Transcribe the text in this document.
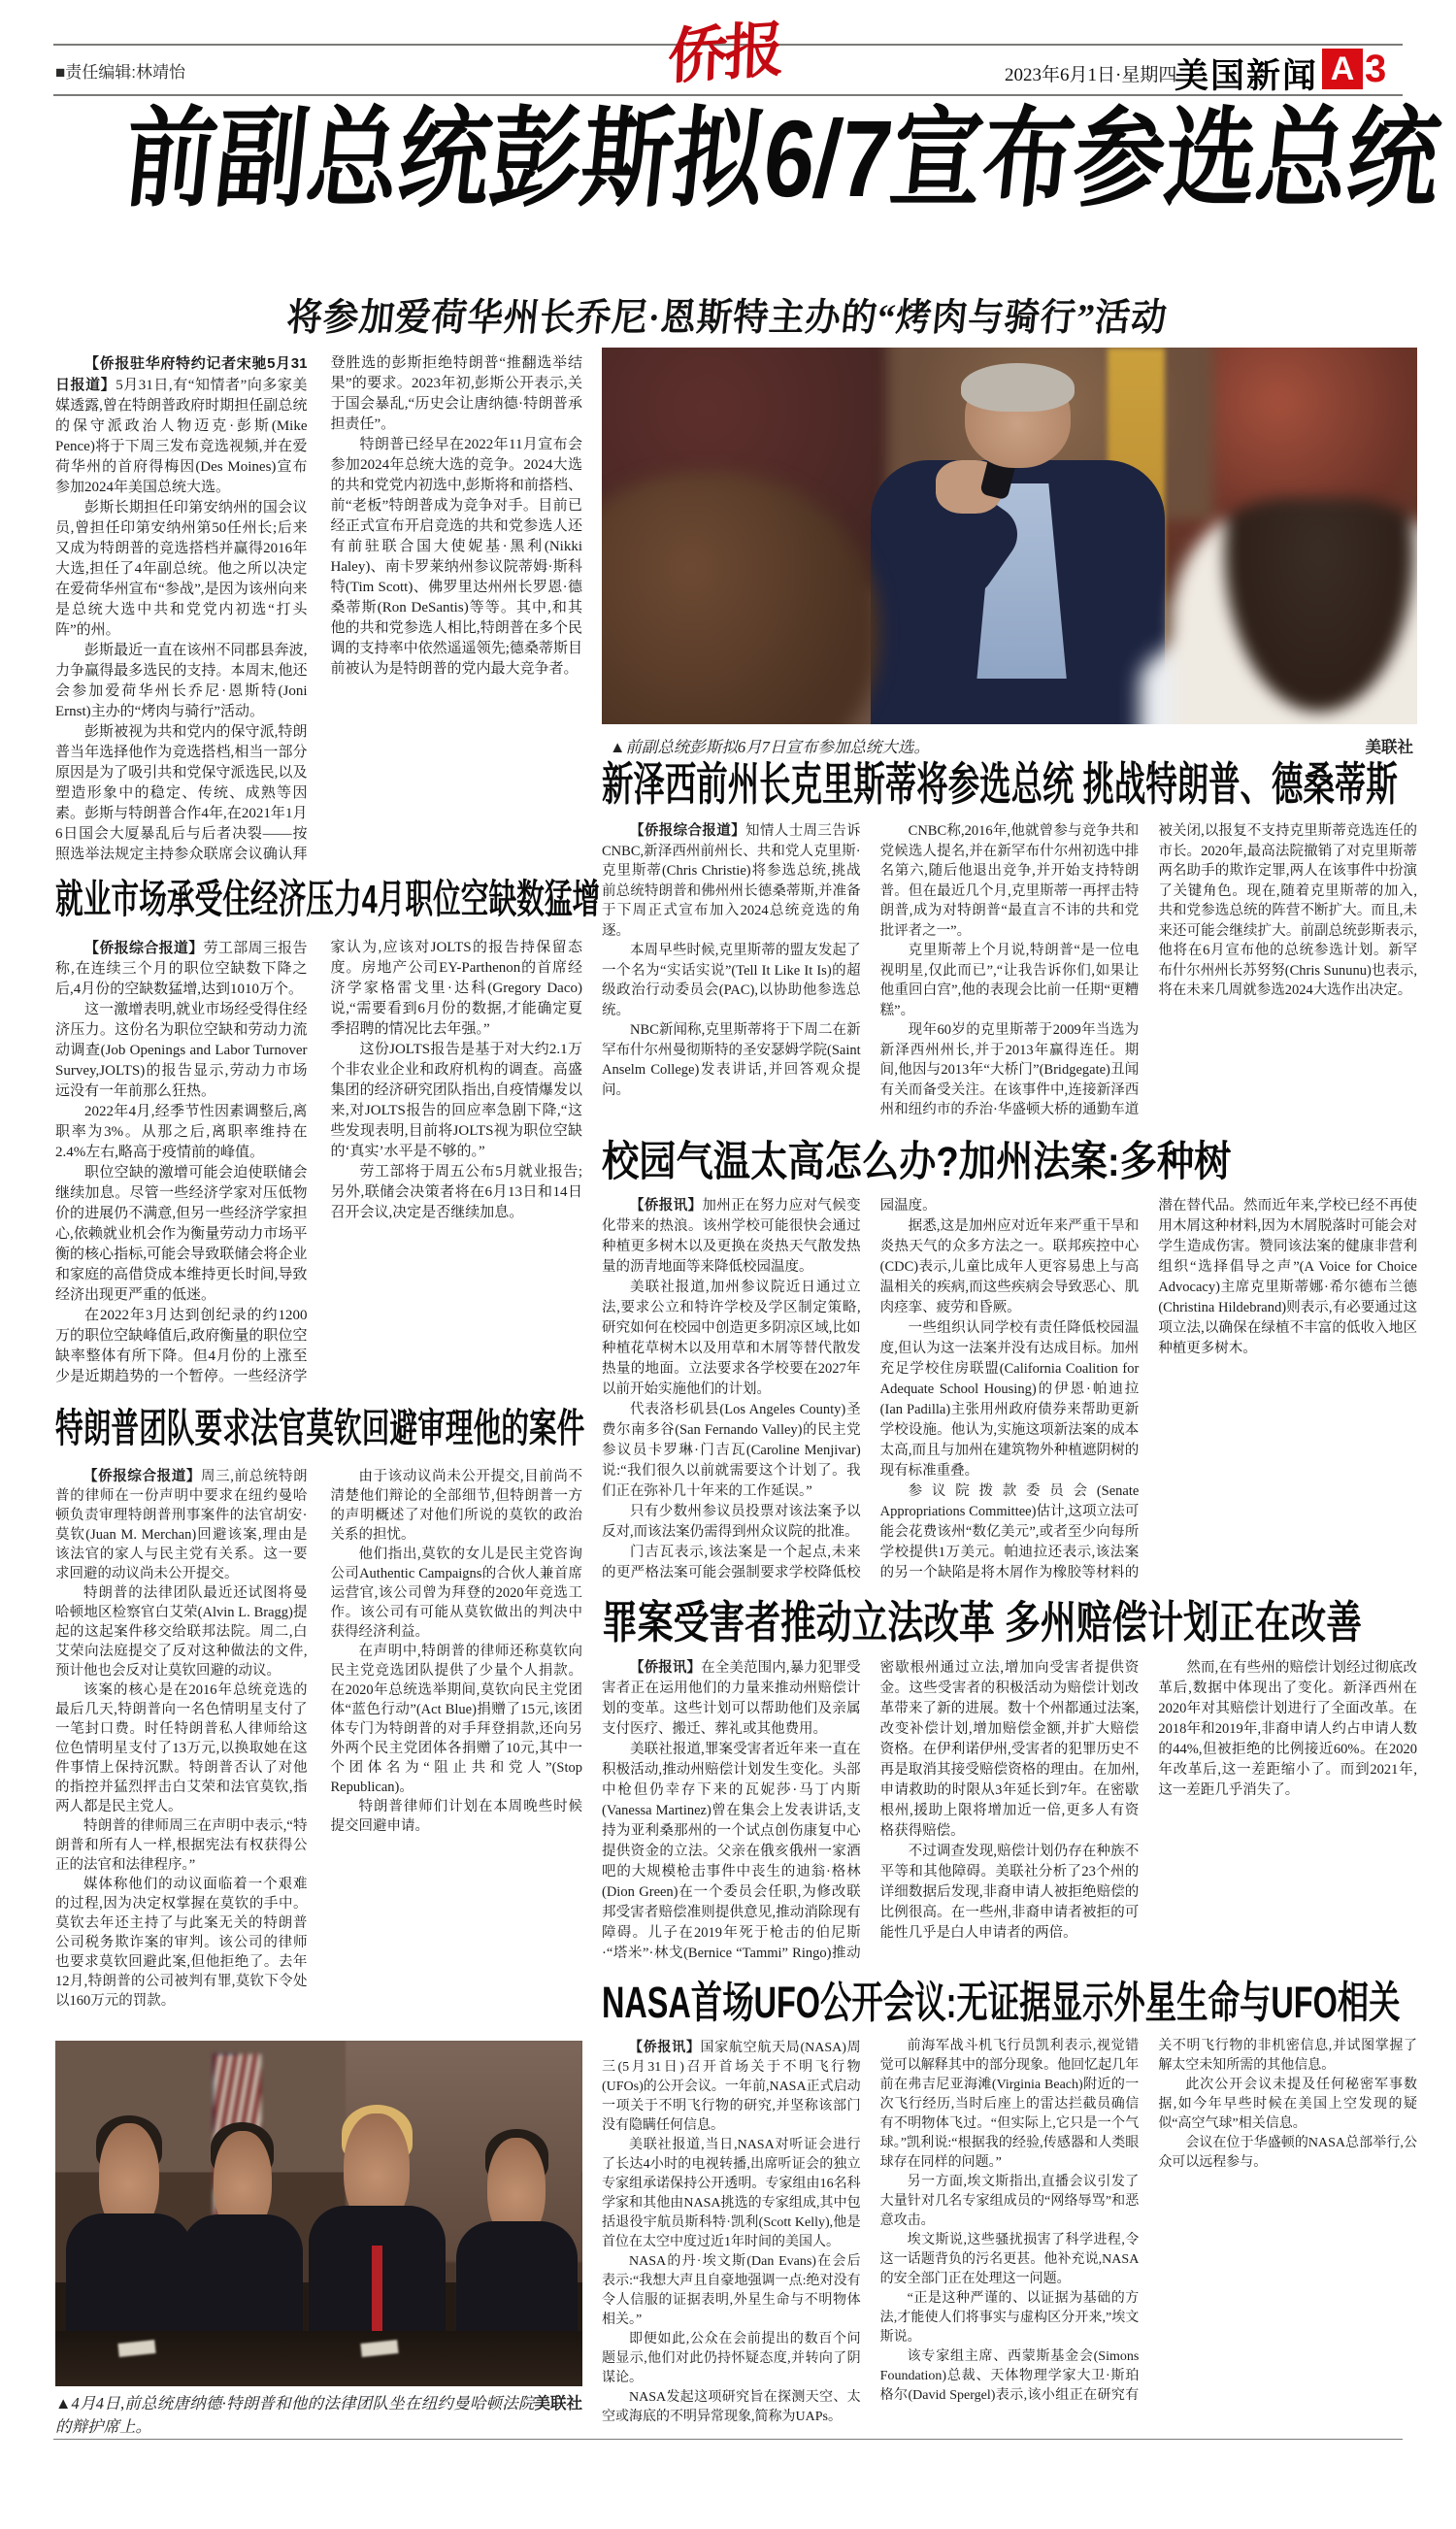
■责任编辑:林靖怡	侨报	2023年6月1日·星期四
美国新闻 A 3
前副总统彭斯拟6/7宣布参选总统
将参加爱荷华州长乔尼·恩斯特主办的“烤肉与骑行”活动

【侨报驻华府特约记者宋驰5月31日报道】5月31日,有“知情者”向多家美媒透露,曾在特朗普政府时期担任副总统的保守派政治人物迈克·彭斯(Mike Pence)将于下周三发布竞选视频,并在爱荷华州的首府得梅因(Des Moines)宣布参加2024年美国总统大选。

彭斯长期担任印第安纳州的国会议员,曾担任印第安纳州第50任州长;后来又成为特朗普的竞选搭档并赢得2016年大选,担任了4年副总统。他之所以决定在爱荷华州宣布“参战”,是因为该州向来是总统大选中共和党党内初选“打头阵”的州。

彭斯最近一直在该州不同郡县奔波,力争赢得最多选民的支持。本周末,他还会参加爱荷华州长乔尼·恩斯特(Joni Ernst)主办的“烤肉与骑行”活动。

彭斯被视为共和党内的保守派,特朗普当年选择他作为竞选搭档,相当一部分原因是为了吸引共和党保守派选民,以及塑造形象中的稳定、传统、成熟等因素。彭斯与特朗普合作4年,在2021年1月6日国会大厦暴乱后与后者决裂——按照选举法规定主持参众联席会议确认拜登胜选的彭斯拒绝特朗普“推翻选举结果”的要求。2023年初,彭斯公开表示,关于国会暴乱,“历史会让唐纳德·特朗普承担责任”。

特朗普已经早在2022年11月宣布会参加2024年总统大选的竞争。2024大选的共和党党内初选中,彭斯将和前搭档、前“老板”特朗普成为竞争对手。目前已经正式宣布开启竞选的共和党参选人还有前驻联合国大使妮基·黑利(Nikki Haley)、南卡罗莱纳州参议院蒂姆·斯科特(Tim Scott)、佛罗里达州州长罗恩·德桑蒂斯(Ron DeSantis)等等。其中,和其他的共和党参选人相比,特朗普在多个民调的支持率中依然遥遥领先;德桑蒂斯目前被认为是特朗普的党内最大竞争者。

美联社
▲前副总统彭斯拟6月7日宣布参加总统大选。
就业市场承受住经济压力4月职位空缺数猛增

【侨报综合报道】劳工部周三报告称,在连续三个月的职位空缺数下降之后,4月份的空缺数猛增,达到1010万个。

这一激增表明,就业市场经受得住经济压力。这份名为职位空缺和劳动力流动调查(Job Openings and Labor Turnover Survey,JOLTS)的报告显示,劳动力市场远没有一年前那么狂热。

2022年4月,经季节性因素调整后,离职率为3%。从那之后,离职率维持在2.4%左右,略高于疫情前的峰值。

职位空缺的激增可能会迫使联储会继续加息。尽管一些经济学家对压低物价的进展仍不满意,但另一些经济学家担心,依赖就业机会作为衡量劳动力市场平衡的核心指标,可能会导致联储会将企业和家庭的高借贷成本维持更长时间,导致经济出现更严重的低迷。

在2022年3月达到创纪录的约1200万的职位空缺峰值后,政府衡量的职位空缺率整体有所下降。但4月份的上涨至少是近期趋势的一个暂停。一些经济学家认为,应该对JOLTS的报告持保留态度。房地产公司EY-Parthenon的首席经济学家格雷戈里·达科(Gregory Daco)说,“需要看到6月份的数据,才能确定夏季招聘的情况比去年强。”

这份JOLTS报告是基于对大约2.1万个非农业企业和政府机构的调查。高盛集团的经济研究团队指出,自疫情爆发以来,对JOLTS报告的回应率急剧下降,“这些发现表明,目前将JOLTS视为职位空缺的‘真实’水平是不够的。”

劳工部将于周五公布5月就业报告;另外,联储会决策者将在6月13日和14日召开会议,决定是否继续加息。

特朗普团队要求法官莫钦回避审理他的案件

【侨报综合报道】周三,前总统特朗普的律师在一份声明中要求在纽约曼哈顿负责审理特朗普刑事案件的法官胡安·莫钦(Juan M. Merchan)回避该案,理由是该法官的家人与民主党有关系。这一要求回避的动议尚未公开提交。

特朗普的法律团队最近还试图将曼哈顿地区检察官白艾荣(Alvin L. Bragg)提起的这起案件移交给联邦法院。周二,白艾荣向法庭提交了反对这种做法的文件,预计他也会反对让莫钦回避的动议。

该案的核心是在2016年总统竞选的最后几天,特朗普向一名色情明星支付了一笔封口费。时任特朗普私人律师给这位色情明星支付了13万元,以换取她在这件事情上保持沉默。特朗普否认了对他的指控并猛烈抨击白艾荣和法官莫钦,指两人都是民主党人。

特朗普的律师周三在声明中表示,“特朗普和所有人一样,根据宪法有权获得公正的法官和法律程序。”

媒体称他们的动议面临着一个艰难的过程,因为决定权掌握在莫钦的手中。莫钦去年还主持了与此案无关的特朗普公司税务欺诈案的审判。该公司的律师也要求莫钦回避此案,但他拒绝了。去年12月,特朗普的公司被判有罪,莫钦下令处以160万元的罚款。

由于该动议尚未公开提交,目前尚不清楚他们辩论的全部细节,但特朗普一方的声明概述了对他们所说的莫钦的政治关系的担忧。

他们指出,莫钦的女儿是民主党咨询公司Authentic Campaigns的合伙人兼首席运营官,该公司曾为拜登的2020年竞选工作。该公司有可能从莫钦做出的判决中获得经济利益。

在声明中,特朗普的律师还称莫钦向民主党竞选团队提供了少量个人捐款。在2020年总统选举期间,莫钦向民主党团体“蓝色行动”(Act Blue)捐赠了15元,该团体专门为特朗普的对手拜登捐款,还向另外两个民主党团体各捐赠了10元,其中一个团体名为“阻止共和党人”(Stop Republican)。

特朗普律师们计划在本周晚些时候提交回避申请。

美联社
▲4月4日,前总统唐纳德·特朗普和他的法律团队坐在纽约曼哈顿法院的辩护席上。
新泽西前州长克里斯蒂将参选总统 挑战特朗普、德桑蒂斯

【侨报综合报道】知情人士周三告诉CNBC,新泽西州前州长、共和党人克里斯·克里斯蒂(Chris Christie)将参选总统,挑战前总统特朗普和佛州州长德桑蒂斯,并准备于下周正式宣布加入2024总统竞选的角逐。

本周早些时候,克里斯蒂的盟友发起了一个名为“实话实说”(Tell It Like It Is)的超级政治行动委员会(PAC),以协助他参选总统。

NBC新闻称,克里斯蒂将于下周二在新罕布什尔州曼彻斯特的圣安瑟姆学院(Saint Anselm College)发表讲话,并回答观众提问。

CNBC称,2016年,他就曾参与竞争共和党候选人提名,并在新罕布什尔州初选中排名第六,随后他退出竞争,并开始支持特朗普。但在最近几个月,克里斯蒂一再抨击特朗普,成为对特朗普“最直言不讳的共和党批评者之一”。

克里斯蒂上个月说,特朗普“是一位电视明星,仅此而已”,“让我告诉你们,如果让他重回白宫”,他的表现会比前一任期“更糟糕”。

现年60岁的克里斯蒂于2009年当选为新泽西州州长,并于2013年赢得连任。期间,他因与2013年“大桥门”(Bridgegate)丑闻有关而备受关注。在该事件中,连接新泽西州和纽约市的乔治·华盛顿大桥的通勤车道被关闭,以报复不支持克里斯蒂竞选连任的市长。2020年,最高法院撤销了对克里斯蒂两名助手的欺诈定罪,两人在该事件中扮演了关键角色。现在,随着克里斯蒂的加入,共和党参选总统的阵营不断扩大。而且,未来还可能会继续扩大。前副总统彭斯表示,他将在6月宣布他的总统参选计划。新罕布什尔州州长苏努努(Chris Sununu)也表示,将在未来几周就参选2024大选作出决定。

校园气温太高怎么办?加州法案:多种树

【侨报讯】加州正在努力应对气候变化带来的热浪。该州学校可能很快会通过种植更多树木以及更换在炎热天气散发热量的沥青地面等来降低校园温度。

美联社报道,加州参议院近日通过立法,要求公立和特许学校及学区制定策略,研究如何在校园中创造更多阴凉区域,比如种植花草树木以及用草和木屑等替代散发热量的地面。立法要求各学校要在2027年以前开始实施他们的计划。

代表洛杉矶县(Los Angeles County)圣费尔南多谷(San Fernando Valley)的民主党参议员卡罗琳·门吉瓦(Caroline Menjivar)说:“我们很久以前就需要这个计划了。我们正在弥补几十年来的工作延误。”

只有少数州参议员投票对该法案予以反对,而该法案仍需得到州众议院的批准。

门吉瓦表示,该法案是一个起点,未来的更严格法案可能会强制要求学校降低校园温度。

据悉,这是加州应对近年来严重干旱和炎热天气的众多方法之一。联邦疾控中心(CDC)表示,儿童比成年人更容易患上与高温相关的疾病,而这些疾病会导致恶心、肌肉痉挛、疲劳和昏厥。

一些组织认同学校有责任降低校园温度,但认为这一法案并没有达成目标。加州充足学校住房联盟(California Coalition for Adequate School Housing)的伊恩·帕迪拉(Ian Padilla)主张用州政府债券来帮助更新学校设施。他认为,实施这项新法案的成本太高,而且与加州在建筑物外种植遮阴树的现有标准重叠。

参议院拨款委员会(Senate Appropriations Committee)估计,这项立法可能会花费该州“数亿美元”,或者至少向每所学校提供1万美元。帕迪拉还表示,该法案的另一个缺陷是将木屑作为橡胶等材料的潜在替代品。然而近年来,学校已经不再使用木屑这种材料,因为木屑脱落时可能会对学生造成伤害。赞同该法案的健康非营利组织“选择倡导之声”(A Voice for Choice Advocacy)主席克里斯蒂娜·希尔德布兰德(Christina Hildebrand)则表示,有必要通过这项立法,以确保在绿植不丰富的低收入地区种植更多树木。

罪案受害者推动立法改革 多州赔偿计划正在改善

【侨报讯】在全美范围内,暴力犯罪受害者正在运用他们的力量来推动州赔偿计划的变革。这些计划可以帮助他们及亲属支付医疗、搬迁、葬礼或其他费用。

美联社报道,罪案受害者近年来一直在积极活动,推动州赔偿计划发生变化。头部中枪但仍幸存下来的瓦妮莎·马丁内斯(Vanessa Martinez)曾在集会上发表讲话,支持为亚利桑那州的一个试点创伤康复中心提供资金的立法。父亲在俄亥俄州一家酒吧的大规模枪击事件中丧生的迪翁·格林(Dion Green)在一个委员会任职,为修改联邦受害者赔偿准则提供意见,推动消除现有障碍。儿子在2019年死于枪击的伯尼斯·“塔米”·林戈(Bernice “Tammi” Ringo)推动密歇根州通过立法,增加向受害者提供资金。这些受害者的积极活动为赔偿计划改革带来了新的进展。数十个州都通过法案,改变补偿计划,增加赔偿金额,并扩大赔偿资格。在伊利诺伊州,受害者的犯罪历史不再是取消其接受赔偿资格的理由。在加州,申请救助的时限从3年延长到7年。在密歇根州,援助上限将增加近一倍,更多人有资格获得赔偿。

不过调查发现,赔偿计划仍存在种族不平等和其他障碍。美联社分析了23个州的详细数据后发现,非裔申请人被拒绝赔偿的比例很高。在一些州,非裔申请者被拒的可能性几乎是白人申请者的两倍。

然而,在有些州的赔偿计划经过彻底改革后,数据中体现出了变化。新泽西州在2020年对其赔偿计划进行了全面改革。在2018年和2019年,非裔申请人约占申请人数的44%,但被拒绝的比例接近60%。在2020年改革后,这一差距缩小了。而到2021年,这一差距几乎消失了。

NASA首场UFO公开会议:无证据显示外星生命与UFO相关

【侨报讯】国家航空航天局(NASA)周三(5月31日)召开首场关于不明飞行物(UFOs)的公开会议。一年前,NASA正式启动一项关于不明飞行物的研究,并坚称该部门没有隐瞒任何信息。

美联社报道,当日,NASA对听证会进行了长达4小时的电视转播,出席听证会的独立专家组承诺保持公开透明。专家组由16名科学家和其他由NASA挑选的专家组成,其中包括退役宇航员斯科特·凯利(Scott Kelly),他是首位在太空中度过近1年时间的美国人。

NASA的丹·埃文斯(Dan Evans)在会后表示:“我想大声且自豪地强调一点:绝对没有令人信服的证据表明,外星生命与不明物体相关。”

即便如此,公众在会前提出的数百个问题显示,他们对此仍持怀疑态度,并转向了阴谋论。

NASA发起这项研究旨在探测天空、太空或海底的不明异常现象,简称为UAPs。

前海军战斗机飞行员凯利表示,视觉错觉可以解释其中的部分现象。他回忆起几年前在弗吉尼亚海滩(Virginia Beach)附近的一次飞行经历,当时后座上的雷达拦截员确信有不明物体飞过。“但实际上,它只是一个气球。”凯利说:“根据我的经验,传感器和人类眼球存在同样的问题。”

另一方面,埃文斯指出,直播会议引发了大量针对几名专家组成员的“网络辱骂”和恶意攻击。

埃文斯说,这些骚扰损害了科学进程,令这一话题背负的污名更甚。他补充说,NASA的安全部门正在处理这一问题。

“正是这种严谨的、以证据为基础的方法,才能使人们将事实与虚构区分开来,”埃文斯说。

该专家组主席、西蒙斯基金会(Simons Foundation)总裁、天体物理学家大卫·斯珀格尔(David Spergel)表示,该小组正在研究有关不明飞行物的非机密信息,并试图掌握了解太空未知所需的其他信息。

此次公开会议未提及任何秘密军事数据,如今年早些时候在美国上空发现的疑似“高空气球”相关信息。

会议在位于华盛顿的NASA总部举行,公众可以远程参与。
